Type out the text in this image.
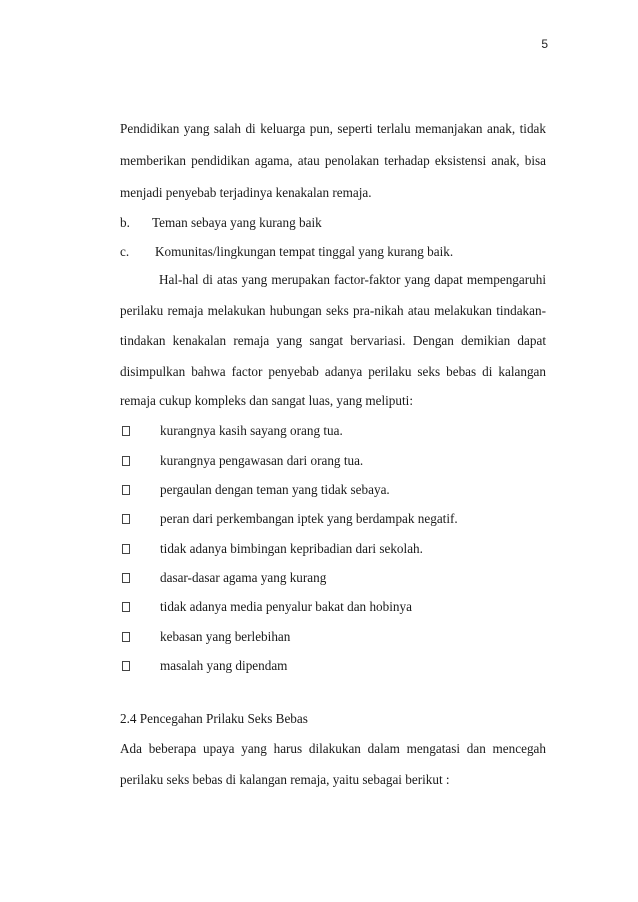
5
Pendidikan yang salah di keluarga pun, seperti terlalu memanjakan anak, tidak
memberikan pendidikan agama, atau penolakan terhadap eksistensi anak, bisa
menjadi penyebab terjadinya kenakalan remaja.
b. Teman sebaya yang kurang baik
c. Komunitas/lingkungan tempat tinggal yang kurang baik.
Hal-hal di atas yang merupakan factor-faktor yang dapat mempengaruhi
perilaku remaja melakukan hubungan seks pra-nikah atau melakukan tindakan-
tindakan kenakalan remaja yang sangat bervariasi. Dengan demikian dapat
disimpulkan bahwa factor penyebab adanya perilaku seks bebas di kalangan
remaja cukup kompleks dan sangat luas, yang meliputi:
kurangnya kasih sayang orang tua.
kurangnya pengawasan dari orang tua.
pergaulan dengan teman yang tidak sebaya.
peran dari perkembangan iptek yang berdampak negatif.
tidak adanya bimbingan kepribadian dari sekolah.
dasar-dasar agama yang kurang
tidak adanya media penyalur bakat dan hobinya
kebasan yang berlebihan
masalah yang dipendam
2.4 Pencegahan Prilaku Seks Bebas
Ada beberapa upaya yang harus dilakukan dalam mengatasi dan mencegah
perilaku seks bebas di kalangan remaja, yaitu sebagai berikut :
